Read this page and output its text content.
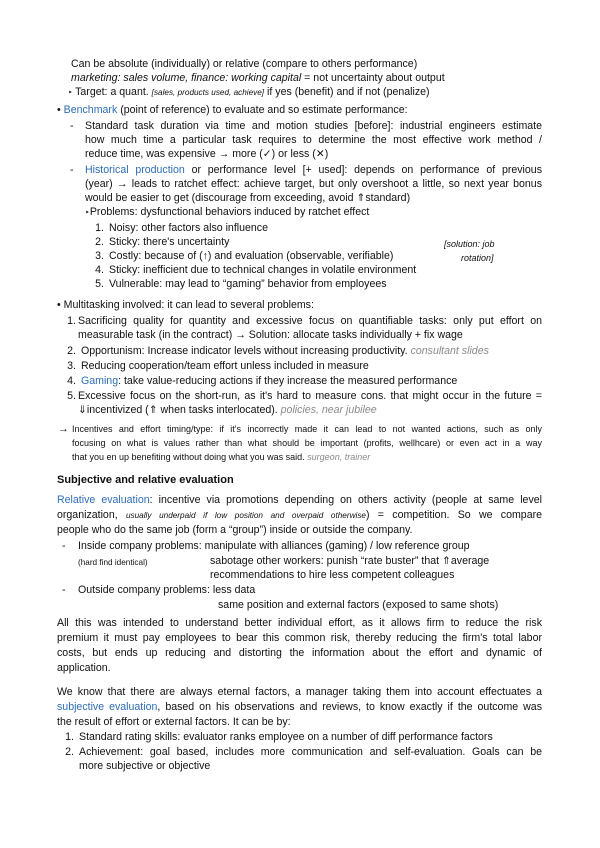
Can be absolute (individually) or relative (compare to others performance)
marketing: sales volume, finance: working capital = not uncertainty about output
‣ Target: a quant. [sales, products used, achieve] if yes (benefit) and if not (penalize)
• Benchmark (point of reference) to evaluate and so estimate performance:
- Standard task duration via time and motion studies [before]: industrial engineers estimate
how much time a particular task requires to determine the most effective work method /
reduce time, was expensive → more (✓) or less (✕)
- Historical production or performance level [+ used]: depends on performance of previous
(year) → leads to ratchet effect: achieve target, but only overshoot a little, so next year bonus
would be easier to get (discourage from exceeding, avoid ⇑standard)
‣Problems: dysfunctional behaviors induced by ratchet effect
1. Noisy: other factors also influence
2. Sticky: there's uncertainty
3. Costly: because of (↑) and evaluation (observable, verifiable)
4. Sticky: inefficient due to technical changes in volatile environment
5. Vulnerable: may lead to “gaming” behavior from employees
[solution: job
rotation]
• Multitasking involved: it can lead to several problems:
1. Sacrificing quality for quantity and excessive focus on quantifiable tasks: only put effort on
measurable task (in the contract) → Solution: allocate tasks individually + fix wage
2. Opportunism: Increase indicator levels without increasing productivity. consultant slides
3. Reducing cooperation/team effort unless included in measure
4. Gaming: take value-reducing actions if they increase the measured performance
5. Excessive focus on the short-run, as it's hard to measure cons. that might occur in the future =
⇓incentivized (⇑ when tasks interlocated). policies, near jubilee
→ Incentives and effort timing/type: if it's incorrectly made it can lead to not wanted actions, such as only
focusing on what is values rather than what should be important (profits, wellhcare) or even act in a way
that you en up benefiting without doing what you was said. surgeon, trainer
Subjective and relative evaluation
Relative evaluation: incentive via promotions depending on others activity (people at same level
organization, usually underpaid if low position and overpaid otherwise) = competition. So we compare
people who do the same job (form a “group”) inside or outside the company.
- Inside company problems: manipulate with alliances (gaming) / low reference group
(hard find identical)	sabotage other workers: punish “rate buster” that ⇑average
recommendations to hire less competent colleagues
- Outside company problems: less data
same position and external factors (exposed to same shots)
All this was intended to understand better individual effort, as it allows firm to reduce the risk
premium it must pay employees to bear this common risk, thereby reducing the firm's total labor
costs, but ends up reducing and distorting the information about the effort and dynamic of
application.
We know that there are always eternal factors, a manager taking them into account effectuates a
subjective evaluation, based on his observations and reviews, to know exactly if the outcome was
the result of effort or external factors. It can be by:
1. Standard rating skills: evaluator ranks employee on a number of diff performance factors
2. Achievement: goal based, includes more communication and self-evaluation. Goals can be
more subjective or objective
